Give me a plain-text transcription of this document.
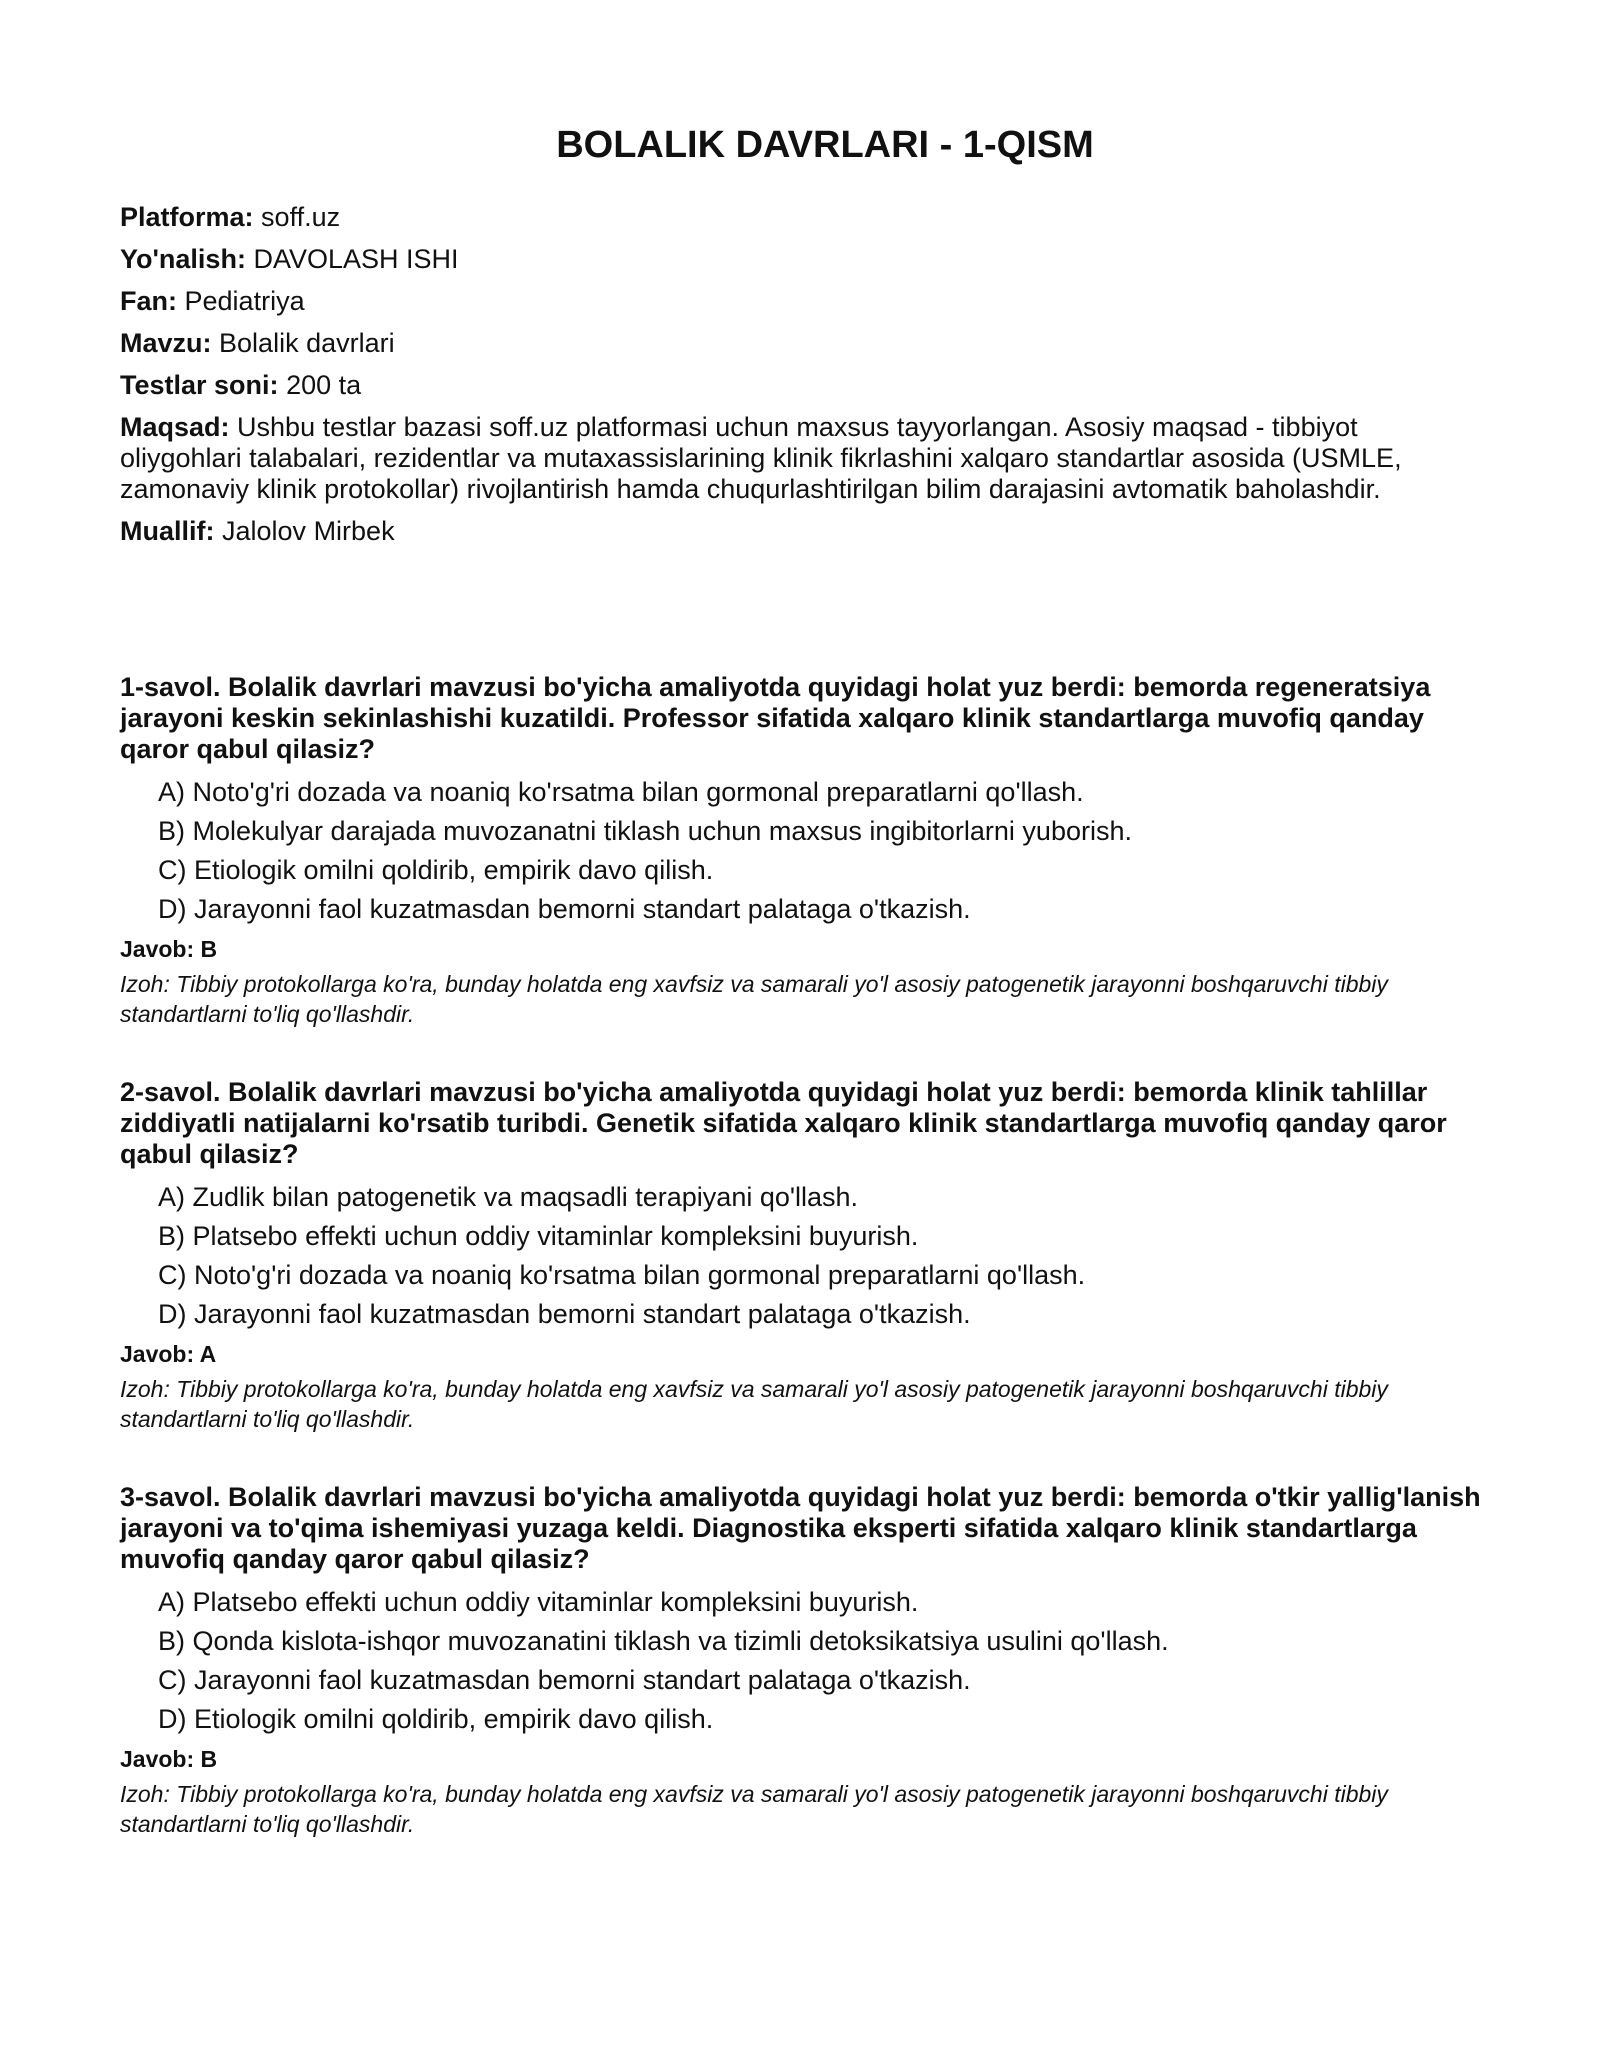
BOLALIK DAVRLARI - 1-QISM

Platforma: soff.uz

Yo'nalish: DAVOLASH ISHI

Fan: Pediatriya

Mavzu: Bolalik davrlari

Testlar soni: 200 ta

Maqsad: Ushbu testlar bazasi soff.uz platformasi uchun maxsus tayyorlangan. Asosiy maqsad - tibbiyot oliygohlari talabalari, rezidentlar va mutaxassislarining klinik fikrlashini xalqaro standartlar asosida (USMLE, zamonaviy klinik protokollar) rivojlantirish hamda chuqurlashtirilgan bilim darajasini avtomatik baholashdir.

Muallif: Jalolov Mirbek

1-savol. Bolalik davrlari mavzusi bo'yicha amaliyotda quyidagi holat yuz berdi: bemorda regeneratsiya jarayoni keskin sekinlashishi kuzatildi. Professor sifatida xalqaro klinik standartlarga muvofiq qanday qaror qabul qilasiz?

A) Noto'g'ri dozada va noaniq ko'rsatma bilan gormonal preparatlarni qo'llash.
B) Molekulyar darajada muvozanatni tiklash uchun maxsus ingibitorlarni yuborish.
C) Etiologik omilni qoldirib, empirik davo qilish.
D) Jarayonni faol kuzatmasdan bemorni standart palataga o'tkazish.

Javob: B

Izoh: Tibbiy protokollarga ko'ra, bunday holatda eng xavfsiz va samarali yo'l asosiy patogenetik jarayonni boshqaruvchi tibbiy standartlarni to'liq qo'llashdir.

2-savol. Bolalik davrlari mavzusi bo'yicha amaliyotda quyidagi holat yuz berdi: bemorda klinik tahlillar ziddiyatli natijalarni ko'rsatib turibdi. Genetik sifatida xalqaro klinik standartlarga muvofiq qanday qaror qabul qilasiz?

A) Zudlik bilan patogenetik va maqsadli terapiyani qo'llash.
B) Platsebo effekti uchun oddiy vitaminlar kompleksini buyurish.
C) Noto'g'ri dozada va noaniq ko'rsatma bilan gormonal preparatlarni qo'llash.
D) Jarayonni faol kuzatmasdan bemorni standart palataga o'tkazish.

Javob: A

Izoh: Tibbiy protokollarga ko'ra, bunday holatda eng xavfsiz va samarali yo'l asosiy patogenetik jarayonni boshqaruvchi tibbiy standartlarni to'liq qo'llashdir.

3-savol. Bolalik davrlari mavzusi bo'yicha amaliyotda quyidagi holat yuz berdi: bemorda o'tkir yallig'lanish jarayoni va to'qima ishemiyasi yuzaga keldi. Diagnostika eksperti sifatida xalqaro klinik standartlarga muvofiq qanday qaror qabul qilasiz?

A) Platsebo effekti uchun oddiy vitaminlar kompleksini buyurish.
B) Qonda kislota-ishqor muvozanatini tiklash va tizimli detoksikatsiya usulini qo'llash.
C) Jarayonni faol kuzatmasdan bemorni standart palataga o'tkazish.
D) Etiologik omilni qoldirib, empirik davo qilish.

Javob: B

Izoh: Tibbiy protokollarga ko'ra, bunday holatda eng xavfsiz va samarali yo'l asosiy patogenetik jarayonni boshqaruvchi tibbiy standartlarni to'liq qo'llashdir.
